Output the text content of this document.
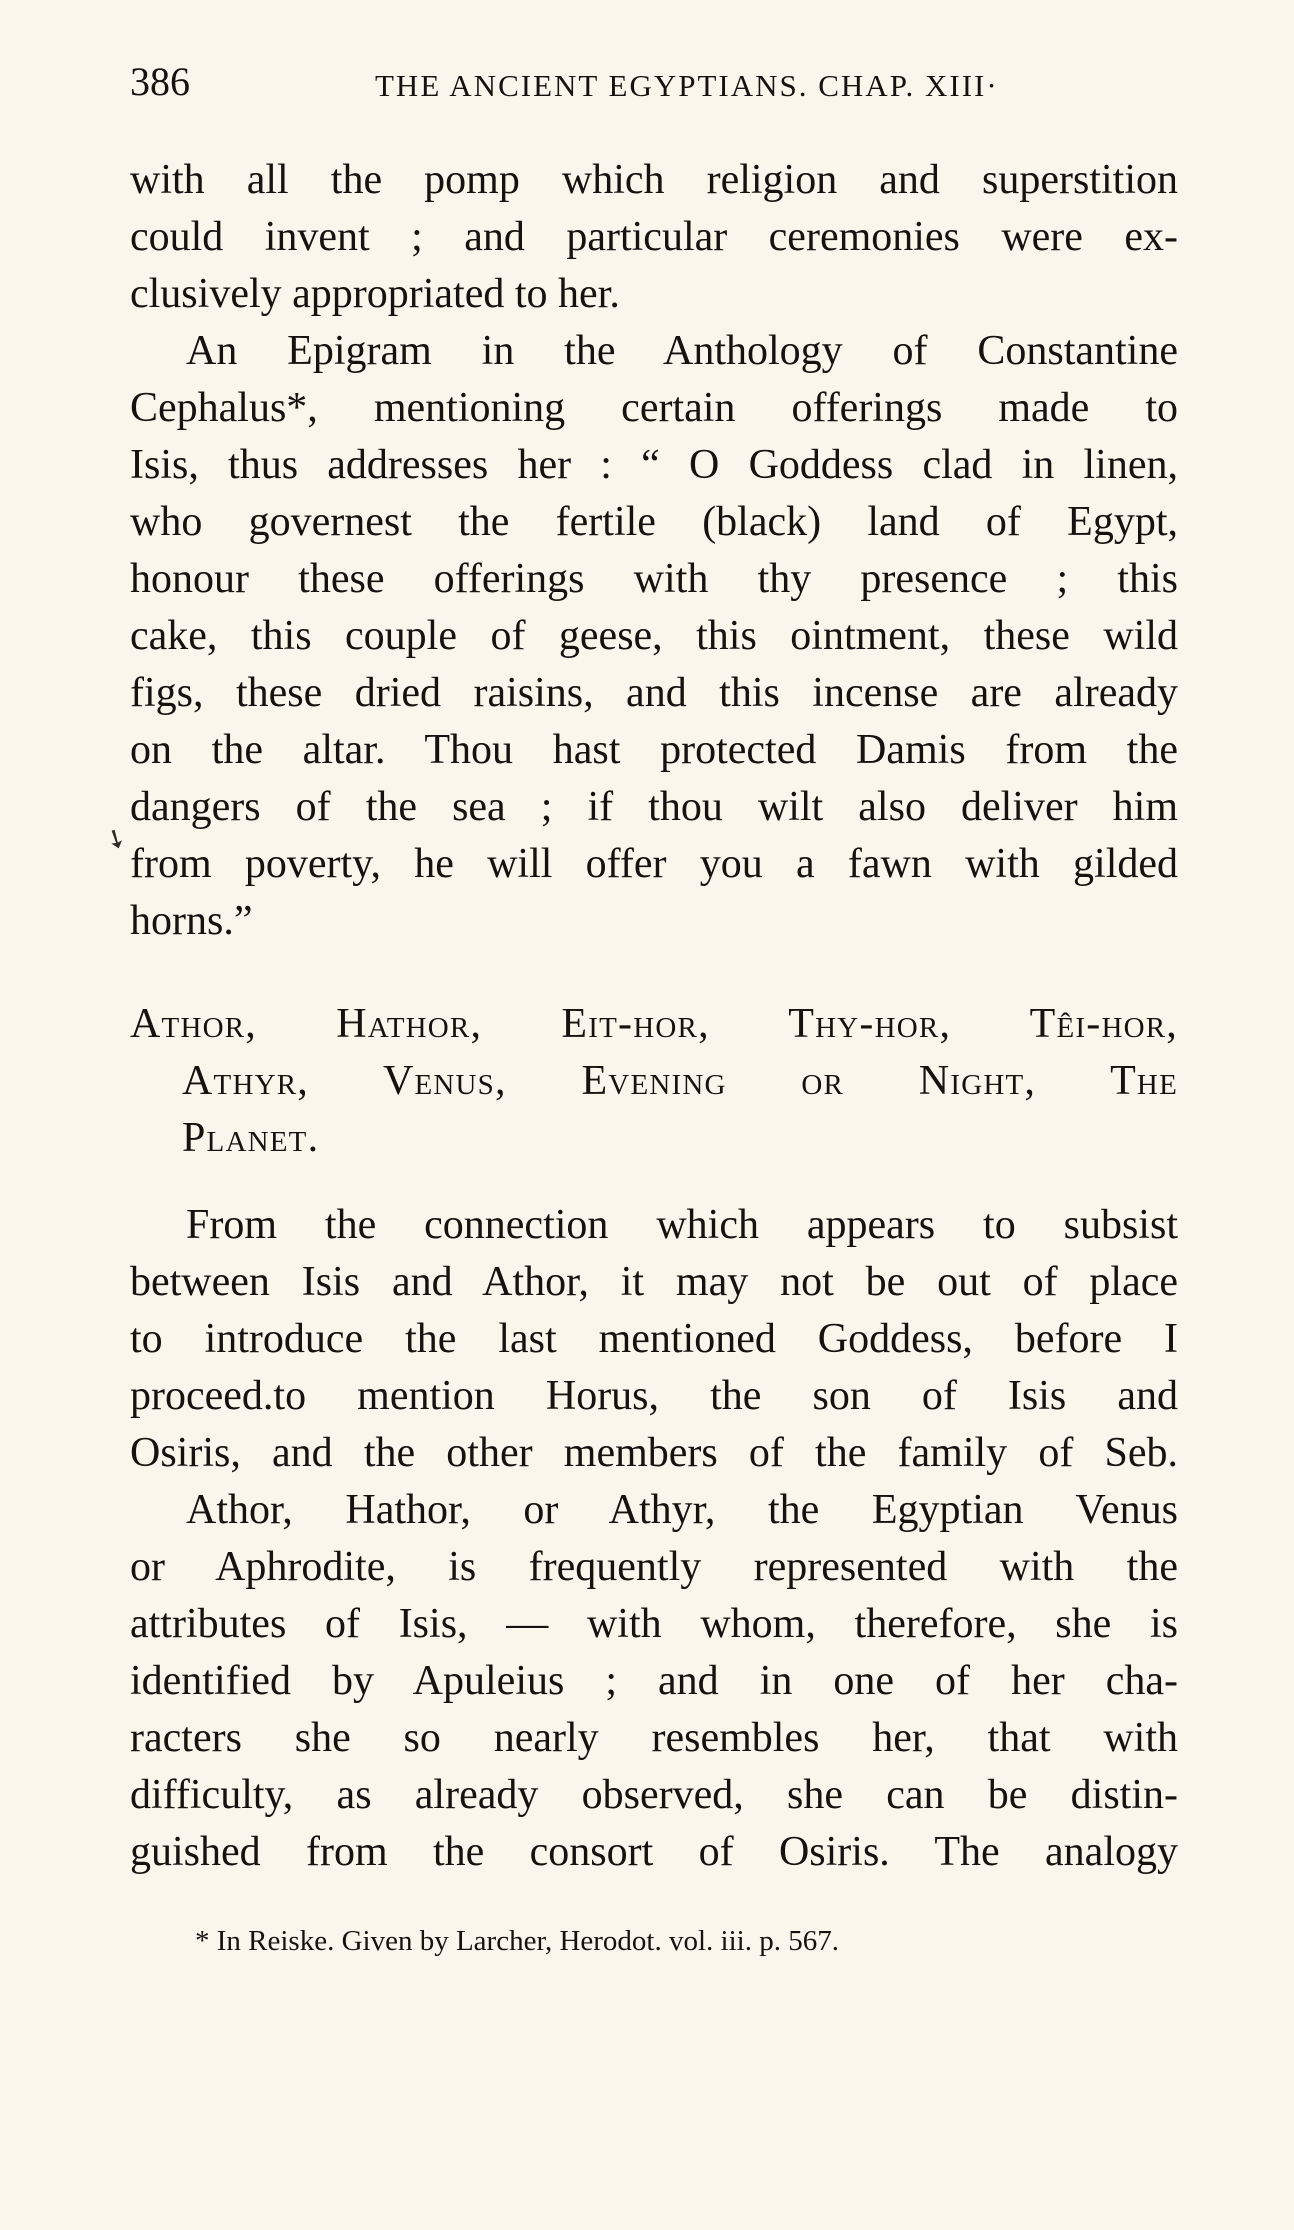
386	THE ANCIENT EGYPTIANS. CHAP. XIII·
➘
with all the pomp which religion and superstition
could invent ; and particular ceremonies were ex-
clusively appropriated to her.
An Epigram in the Anthology of Constantine
Cephalus*, mentioning certain offerings made to
Isis, thus addresses her : “ O Goddess clad in linen,
who governest the fertile (black) land of Egypt,
honour these offerings with thy presence ; this
cake, this couple of geese, this ointment, these wild
figs, these dried raisins, and this incense are already
on the altar. Thou hast protected Damis from the
dangers of the sea ; if thou wilt also deliver him
from poverty, he will offer you a fawn with gilded
horns.”
Athor, Hathor, Eit-hor, Thy-hor, Têi-hor,
Athyr, Venus, Evening or Night, The
Planet.
From the connection which appears to subsist
between Isis and Athor, it may not be out of place
to introduce the last mentioned Goddess, before I
proceed.to mention Horus, the son of Isis and
Osiris, and the other members of the family of Seb.
Athor, Hathor, or Athyr, the Egyptian Venus
or Aphrodite, is frequently represented with the
attributes of Isis, — with whom, therefore, she is
identified by Apuleius ; and in one of her cha-
racters she so nearly resembles her, that with
difficulty, as already observed, she can be distin-
guished from the consort of Osiris. The analogy
* In Reiske. Given by Larcher, Herodot. vol. iii. p. 567.
